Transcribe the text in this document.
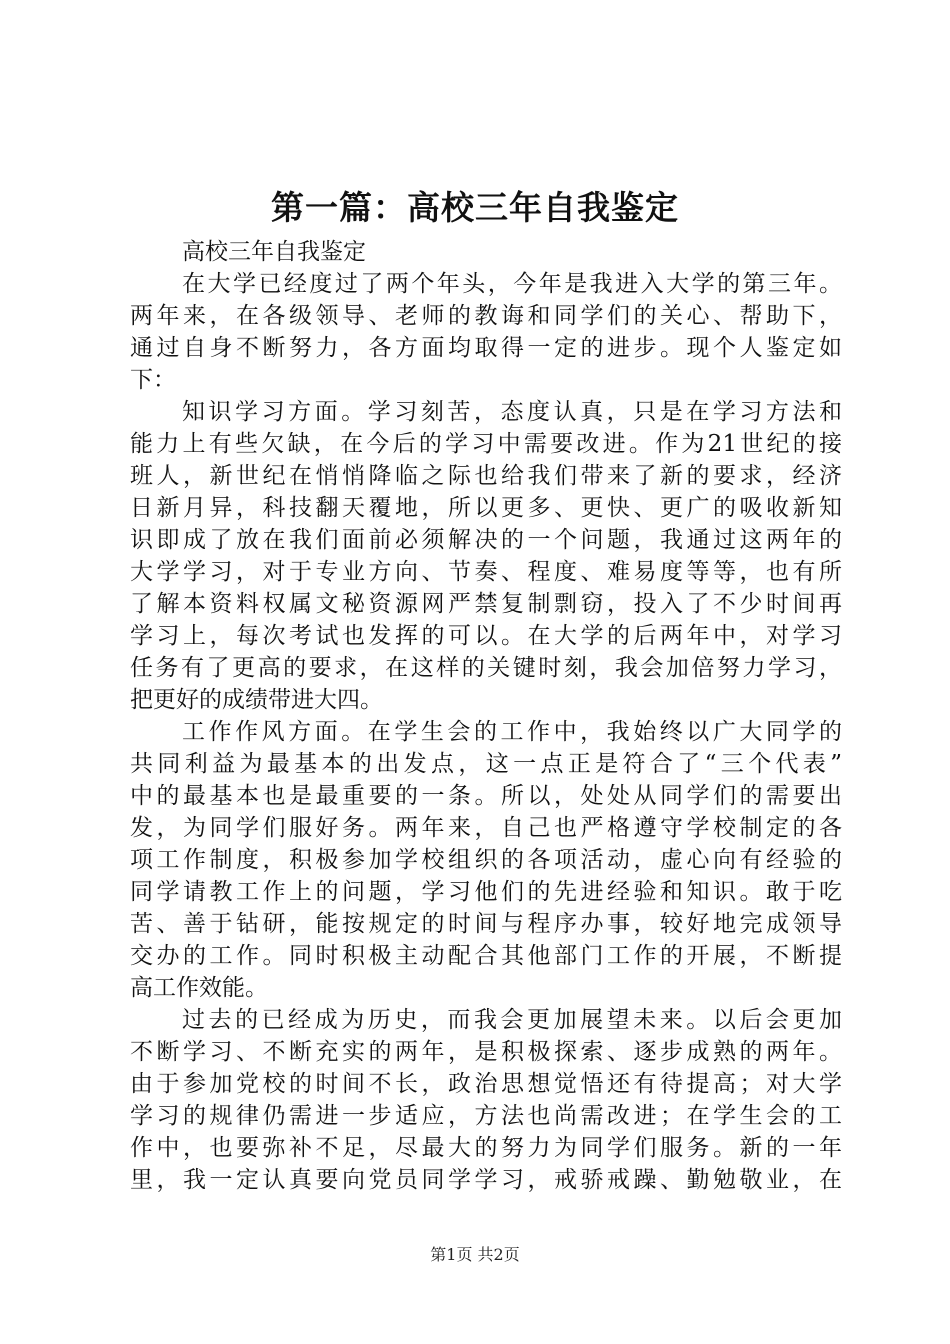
第一篇：高校三年自我鉴定
高校三年自我鉴定
在大学已经度过了两个年头，今年是我进入大学的第三年。
两年来，在各级领导、老师的教诲和同学们的关心、帮助下，
通过自身不断努力，各方面均取得一定的进步。现个人鉴定如
下：
知识学习方面。学习刻苦，态度认真，只是在学习方法和
能力上有些欠缺，在今后的学习中需要改进。作为21世纪的接
班人，新世纪在悄悄降临之际也给我们带来了新的要求，经济
日新月异，科技翻天覆地，所以更多、更快、更广的吸收新知
识即成了放在我们面前必须解决的一个问题，我通过这两年的
大学学习，对于专业方向、节奏、程度、难易度等等，也有所
了解本资料权属文秘资源网严禁复制剽窃，投入了不少时间再
学习上，每次考试也发挥的可以。在大学的后两年中，对学习
任务有了更高的要求，在这样的关键时刻，我会加倍努力学习，
把更好的成绩带进大四。
工作作风方面。在学生会的工作中，我始终以广大同学的
共同利益为最基本的出发点，这一点正是符合了“三个代表”
中的最基本也是最重要的一条。所以，处处从同学们的需要出
发，为同学们服好务。两年来，自己也严格遵守学校制定的各
项工作制度，积极参加学校组织的各项活动，虚心向有经验的
同学请教工作上的问题，学习他们的先进经验和知识。敢于吃
苦、善于钻研，能按规定的时间与程序办事，较好地完成领导
交办的工作。同时积极主动配合其他部门工作的开展，不断提
高工作效能。
过去的已经成为历史，而我会更加展望未来。以后会更加
不断学习、不断充实的两年，是积极探索、逐步成熟的两年。
由于参加党校的时间不长，政治思想觉悟还有待提高；对大学
学习的规律仍需进一步适应，方法也尚需改进；在学生会的工
作中，也要弥补不足，尽最大的努力为同学们服务。新的一年
里，我一定认真要向党员同学学习，戒骄戒躁、勤勉敬业，在
第1页 共2页
